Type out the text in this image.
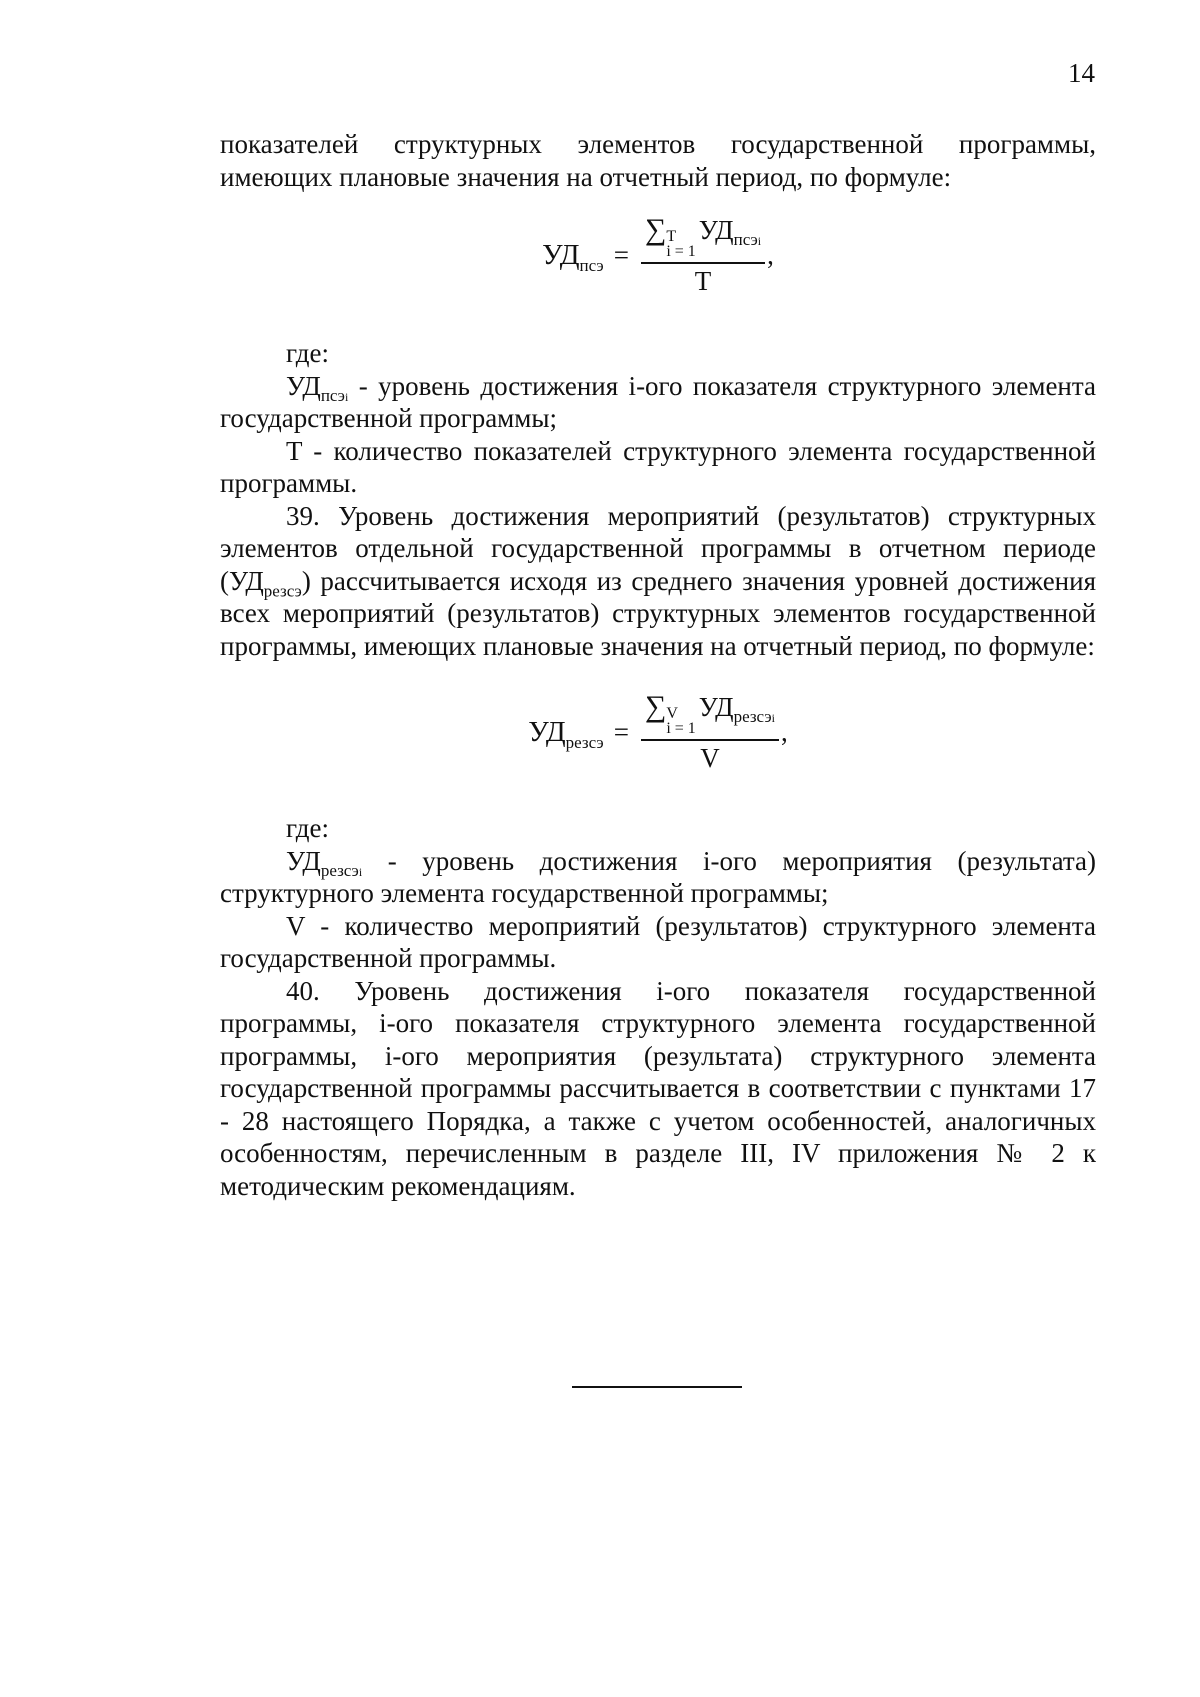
14

показателей структурных элементов государственной программы, имеющих плановые значения на отчетный период, по формуле:

$УД_{псэ}$ = ∑ T
i = 1
$УД_{псэi}$
T ,

где:

$УД_{псэi}$ - уровень достижения i-ого показателя структурного элемента государственной программы;

T - количество показателей структурного элемента государственной программы.

39. Уровень достижения мероприятий (результатов) структурных элементов отдельной государственной программы в отчетном периоде $(УД_{резсэ})$ рассчитывается исходя из среднего значения уровней достижения всех мероприятий (результатов) структурных элементов государственной программы, имеющих плановые значения на отчетный период, по формуле:

$УД_{резсэ}$ = ∑ V
i = 1
$УД_{резсэi}$
V ,

где:

$УД_{резсэi}$ - уровень достижения i-ого мероприятия (результата) структурного элемента государственной программы;

V - количество мероприятий (результатов) структурного элемента государственной программы.

40. Уровень достижения i-ого показателя государственной программы, i-ого показателя структурного элемента государственной программы, i-ого мероприятия (результата) структурного элемента государственной программы рассчитывается в соответствии с пунктами 17 - 28 настоящего Порядка, а также с учетом особенностей, аналогичных особенностям, перечисленным в разделе III, IV приложения № 2 к методическим рекомендациям.
